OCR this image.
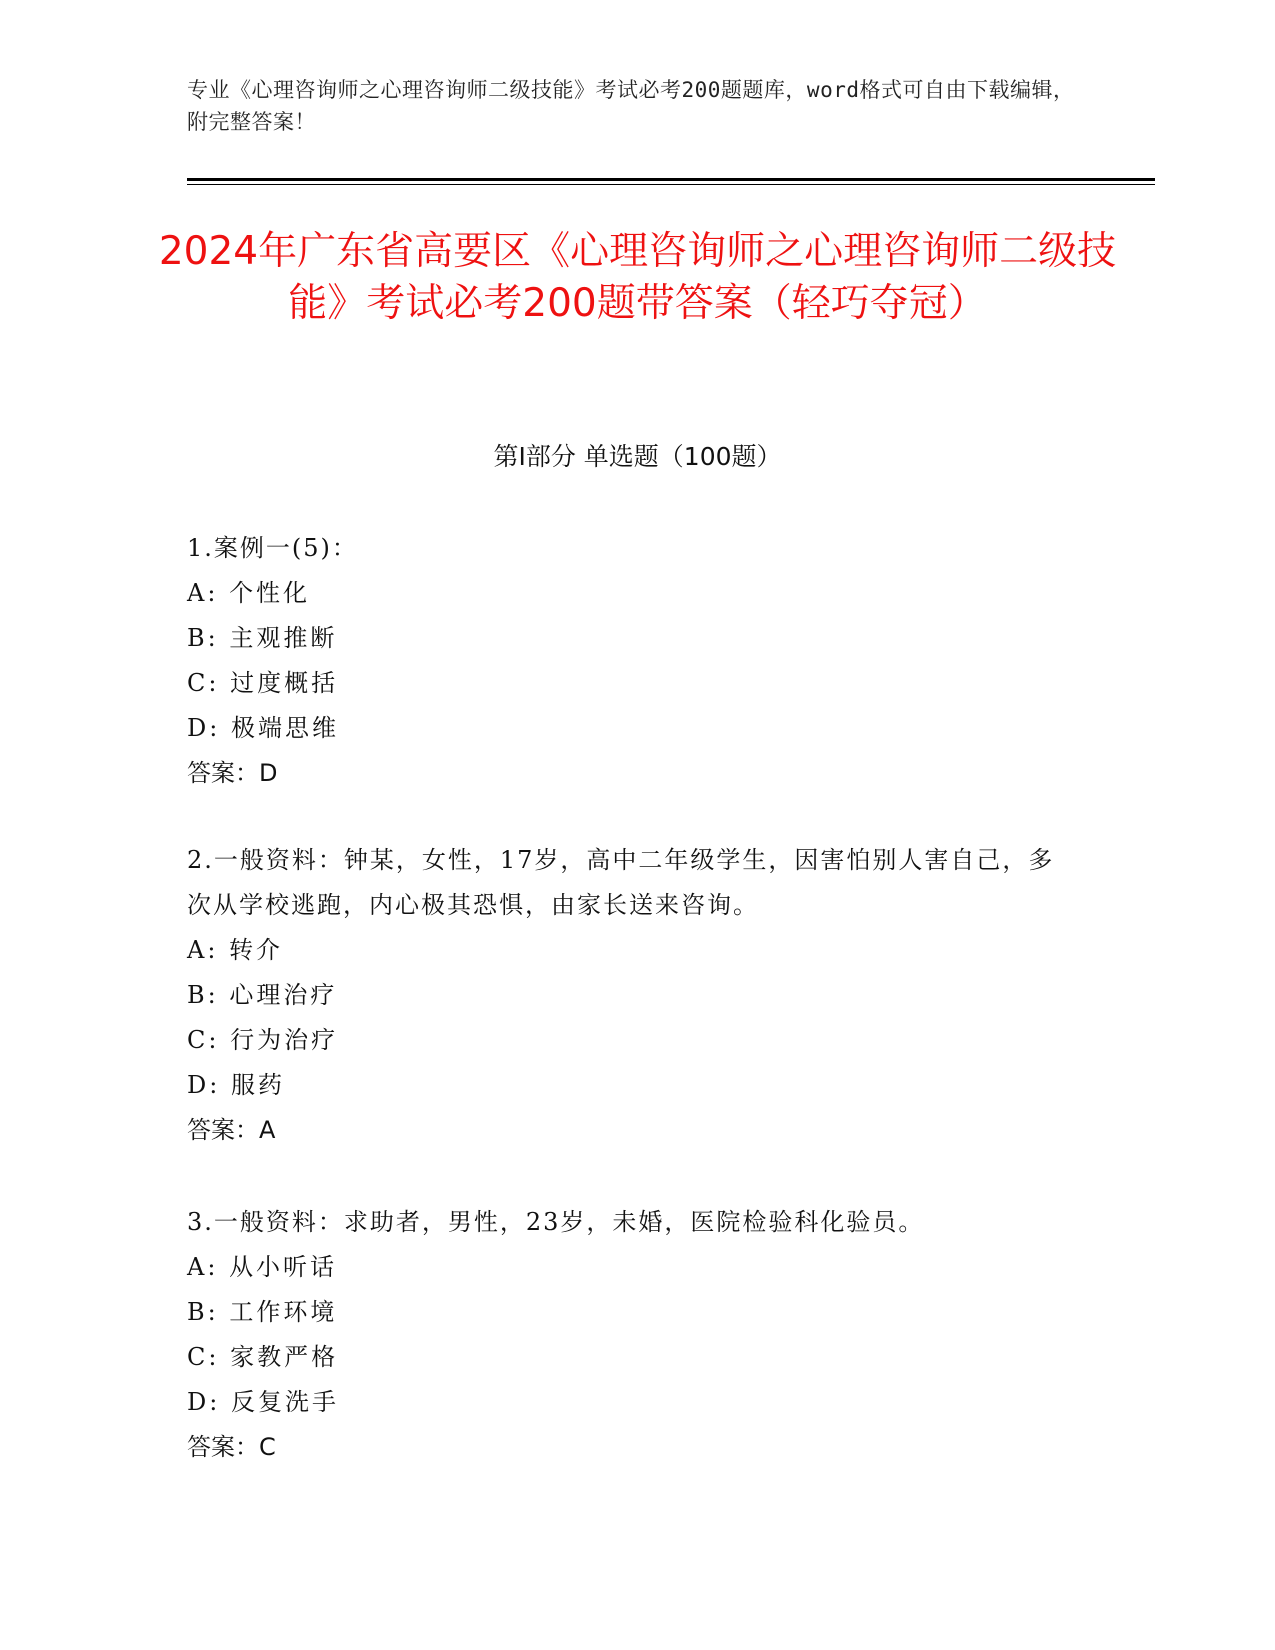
专业《心理咨询师之心理咨询师二级技能》考试必考200题题库，word格式可自由下载编辑，附完整答案！
2024年广东省高要区《心理咨询师之心理咨询师二级技能》考试必考200题带答案（轻巧夺冠）
第I部分 单选题（100题）

1.案例一(5)：

A: 个性化

B: 主观推断

C: 过度概括

D: 极端思维

答案：D

2.一般资料：钟某，女性，17岁，高中二年级学生，因害怕别人害自己，多次从学校逃跑，内心极其恐惧，由家长送来咨询。

A: 转介

B: 心理治疗

C: 行为治疗

D: 服药

答案：A

3.一般资料：求助者，男性，23岁，未婚，医院检验科化验员。

A: 从小听话

B: 工作环境

C: 家教严格

D: 反复洗手

答案：C
